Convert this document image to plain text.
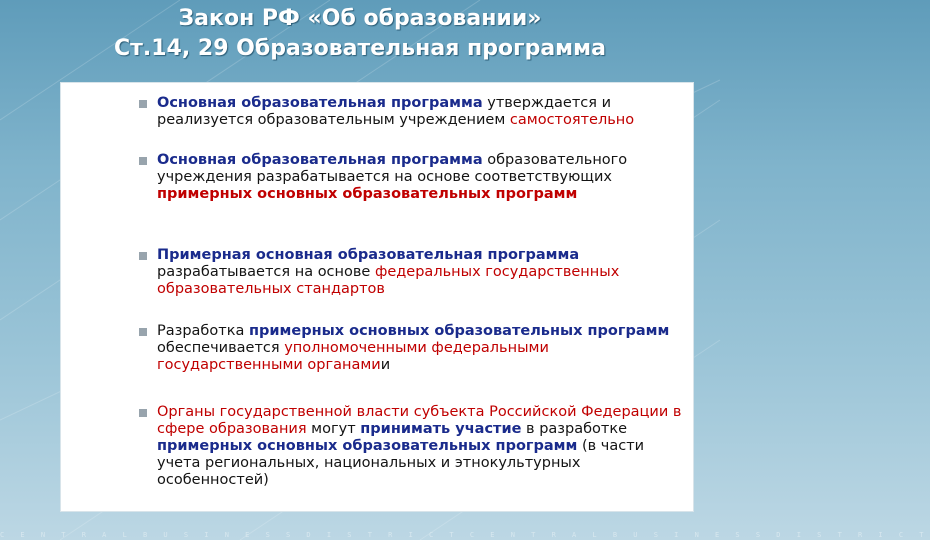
Закон РФ «Об образовании»
Ст.14, 29 Образовательная программа
Основная образовательная программа утверждается и реализуется образовательным учреждением самостоятельно
Основная образовательная программа образовательного учреждения разрабатывается на основе соответствующих примерных основных образовательных программ
Примерная основная образовательная программа разрабатывается на основе федеральных государственных образовательных стандартов
Разработка примерных основных образовательных программ обеспечивается уполномоченными федеральными государственными органамии
Органы государственной власти субъекта Российской Федерации в сфере образования могут принимать участие в разработке примерных основных образовательных программ (в части учета региональных, национальных и этнокультурных особенностей)
C E N T R A L B U S I N E S S D I S T R I C T C E N T R A L B U S I N E S S D I S T R I C T
